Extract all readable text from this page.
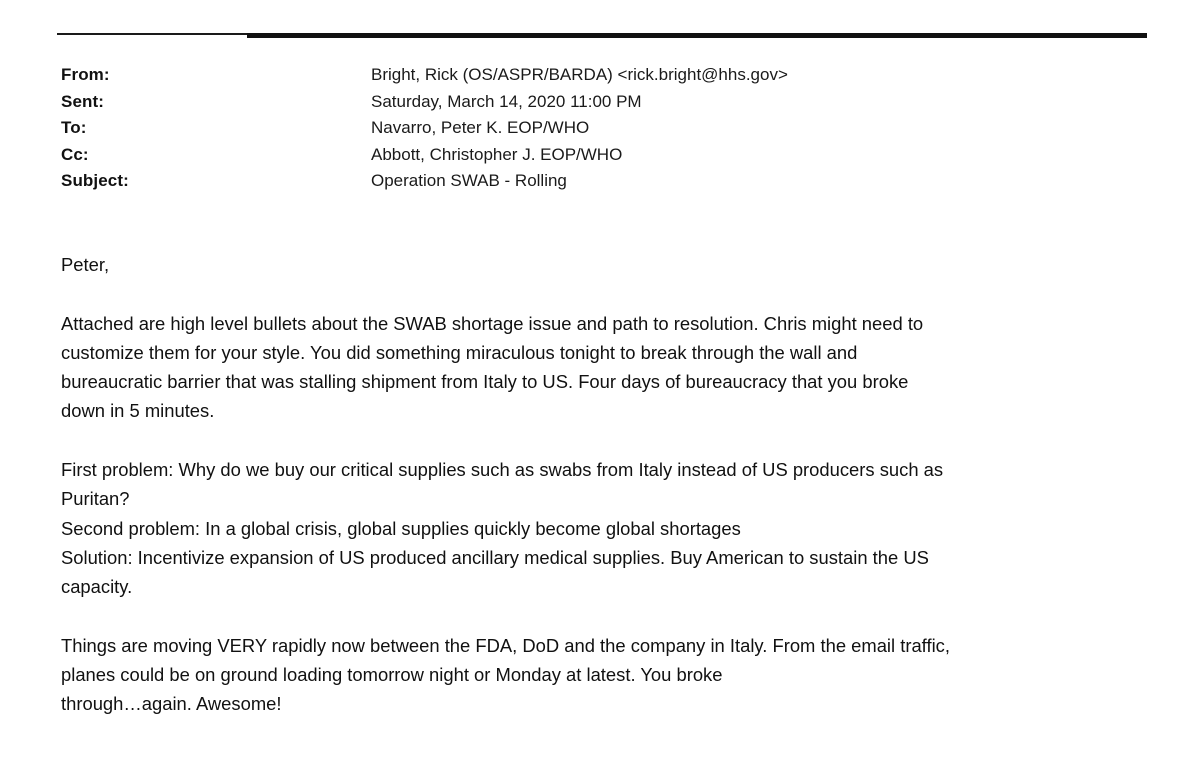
From:	Bright, Rick (OS/ASPR/BARDA) <rick.bright@hhs.gov>
Sent:	Saturday, March 14, 2020 11:00 PM
To:	Navarro, Peter K. EOP/WHO
Cc:	Abbott, Christopher J. EOP/WHO
Subject:	Operation SWAB - Rolling

Peter,

Attached are high level bullets about the SWAB shortage issue and path to resolution. Chris might need to
customize them for your style. You did something miraculous tonight to break through the wall and
bureaucratic barrier that was stalling shipment from Italy to US. Four days of bureaucracy that you broke
down in 5 minutes.

First problem: Why do we buy our critical supplies such as swabs from Italy instead of US producers such as
Puritan?
Second problem: In a global crisis, global supplies quickly become global shortages
Solution: Incentivize expansion of US produced ancillary medical supplies. Buy American to sustain the US
capacity.

Things are moving VERY rapidly now between the FDA, DoD and the company in Italy. From the email traffic,
planes could be on ground loading tomorrow night or Monday at latest. You broke
through…again. Awesome!
